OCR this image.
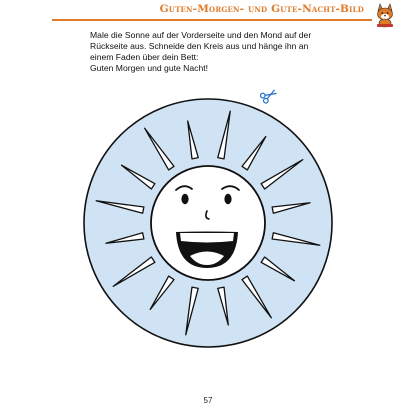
Guten-Morgen- und Gute-Nacht-Bild

Male die Sonne auf der Vorderseite und den Mond auf der
Rückseite aus. Schneide den Kreis aus und hänge ihn an
einem Faden über dein Bett:
Guten Morgen und gute Nacht!

57
